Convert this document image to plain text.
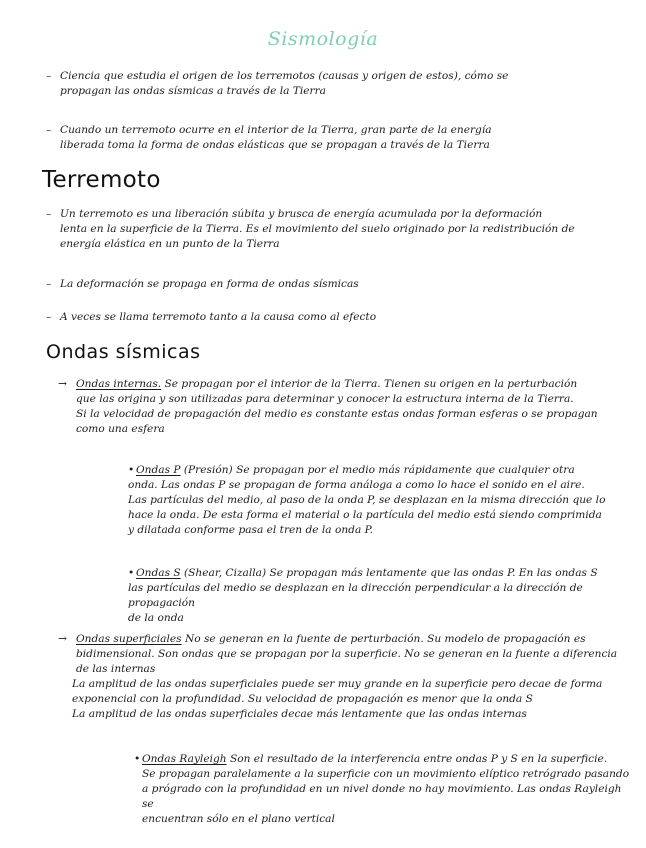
Sismología
– Ciencia que estudia el origen de los terremotos (causas y origen de estos), cómo se

propagan las ondas sísmicas a través de la Tierra

– Cuando un terremoto ocurre en el interior de la Tierra, gran parte de la energía

liberada toma la forma de ondas elásticas que se propagan a través de la Tierra

Terremoto
– Un terremoto es una liberación súbita y brusca de energía acumulada por la deformación

lenta en la superficie de la Tierra. Es el movimiento del suelo originado por la redistribución de

energía elástica en un punto de la Tierra

– La deformación se propaga en forma de ondas sísmicas

– A veces se llama terremoto tanto a la causa como al efecto

Ondas sísmicas
→ Ondas internas. Se propagan por el interior de la Tierra. Tienen su origen en la perturbación

que las origina y son utilizadas para determinar y conocer la estructura interna de la Tierra.

Si la velocidad de propagación del medio es constante estas ondas forman esferas o se propagan

como una esfera

• Ondas P (Presión) Se propagan por el medio más rápidamente que cualquier otra

onda. Las ondas P se propagan de forma análoga a como lo hace el sonido en el aire.

Las partículas del medio, al paso de la onda P, se desplazan en la misma dirección que lo

hace la onda. De esta forma el material o la partícula del medio está siendo comprimida

y dilatada conforme pasa el tren de la onda P.

• Ondas S (Shear, Cizalla) Se propagan más lentamente que las ondas P. En las ondas S

las partículas del medio se desplazan en la dirección perpendicular a la dirección de propagación

de la onda

→ Ondas superficiales No se generan en la fuente de perturbación. Su modelo de propagación es

bidimensional. Son ondas que se propagan por la superficie. No se generan en la fuente a diferencia

de las internas

La amplitud de las ondas superficiales puede ser muy grande en la superficie pero decae de forma

exponencial con la profundidad. Su velocidad de propagación es menor que la onda S

La amplitud de las ondas superficiales decae más lentamente que las ondas internas

• Ondas Rayleigh Son el resultado de la interferencia entre ondas P y S en la superficie.

Se propagan paralelamente a la superficie con un movimiento elíptico retrógrado pasando

a prógrado con la profundidad en un nivel donde no hay movimiento. Las ondas Rayleigh se

encuentran sólo en el plano vertical
